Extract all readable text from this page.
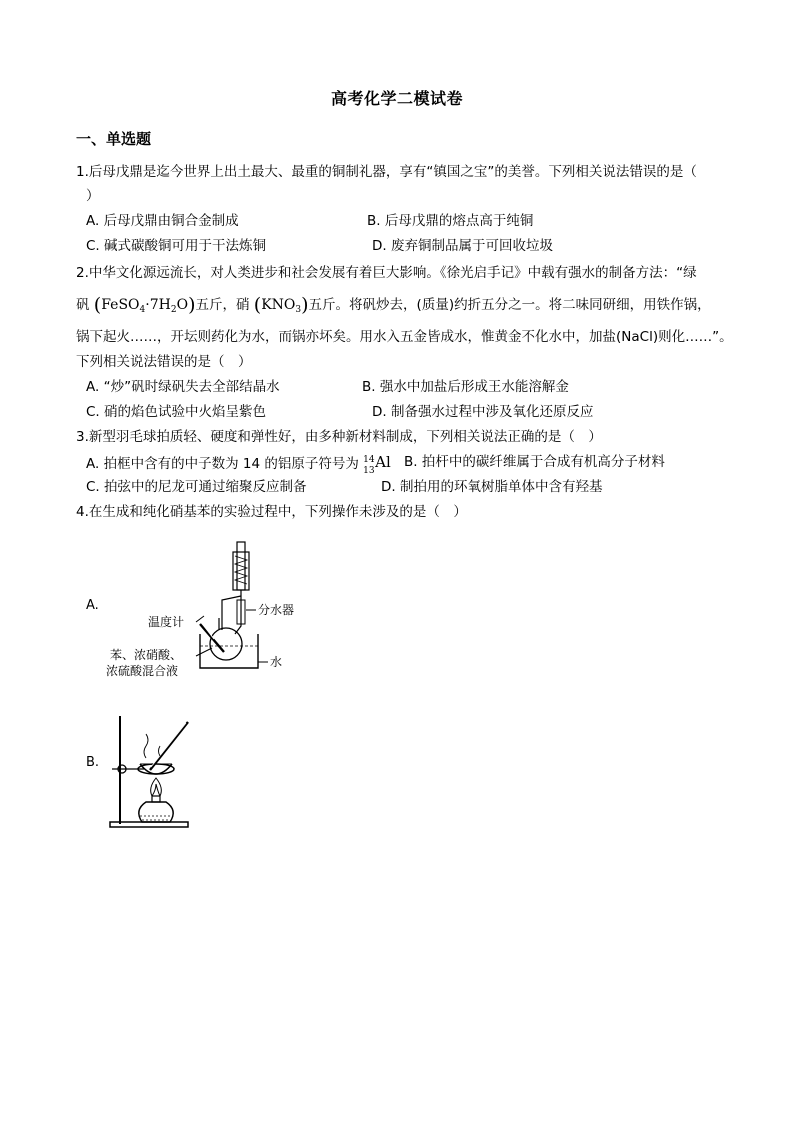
高考化学二模试卷
一、单选题
1.后母戊鼎是迄今世界上出土最大、最重的铜制礼器，享有“镇国之宝”的美誉。下列相关说法错误的是（
）
A. 后母戊鼎由铜合金制成	B. 后母戊鼎的熔点高于纯铜
C. 碱式碳酸铜可用于干法炼铜	D. 废弃铜制品属于可回收垃圾
2.中华文化源远流长，对人类进步和社会发展有着巨大影响。《徐光启手记》中载有强水的制备方法：“绿
矾 $(FeSO_4\cdot 7H_2O)$五斤，硝 $(KNO_3)$五斤。将矾炒去，(质量)约折五分之一。将二味同研细，用铁作锅，
锅下起火……，开坛则药化为水，而锅亦坏矣。用水入五金皆成水，惟黄金不化水中，加盐(NaCl)则化……”。
下列相关说法错误的是（　）
A. “炒”矾时绿矾失去全部结晶水	B. 强水中加盐后形成王水能溶解金
C. 硝的焰色试验中火焰呈紫色	D. 制备强水过程中涉及氧化还原反应
3.新型羽毛球拍质轻、硬度和弹性好，由多种新材料制成，下列相关说法正确的是（　）
A. 拍框中含有的中子数为 14 的铝原子符号为 14
13 Al B. 拍杆中的碳纤维属于合成有机高分子材料
C. 拍弦中的尼龙可通过缩聚反应制备	D. 制拍用的环氧树脂单体中含有羟基
4.在生成和纯化硝基苯的实验过程中，下列操作未涉及的是（　）
A.	分水器
温度计
苯、浓硝酸、
浓硫酸混合液
水
B.
